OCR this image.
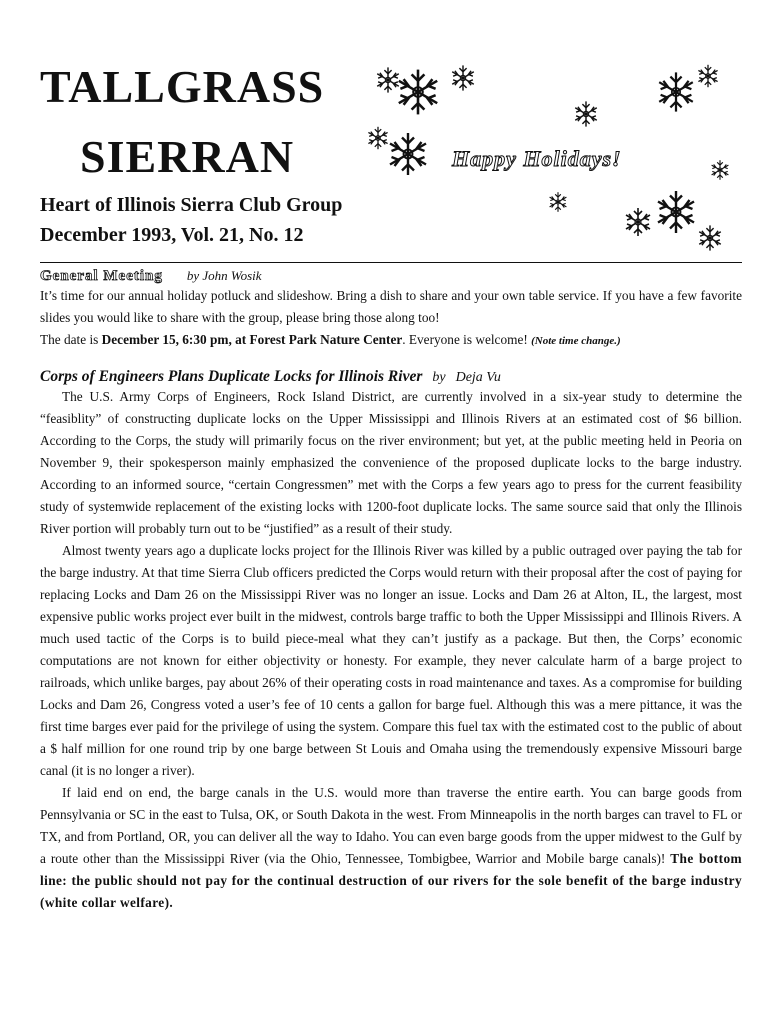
TALLGRASS
SIERRAN
Heart of Illinois Sierra Club Group
December 1993, Vol. 21, No. 12
Happy Holidays!
General Meeting by John Wosik

It’s time for our annual holiday potluck and slideshow. Bring a dish to share and your own table service. If you have a few favorite slides you would like to share with the group, please bring those along too!

The date is December 15, 6:30 pm, at Forest Park Nature Center. Everyone is welcome! (Note time change.)

Corps of Engineers Plans Duplicate Locks for Illinois River by Deja Vu

The U.S. Army Corps of Engineers, Rock Island District, are currently involved in a six-year study to determine the “feasiblity” of constructing duplicate locks on the Upper Mississippi and Illinois Rivers at an estimated cost of $6 billion. According to the Corps, the study will primarily focus on the river environment; but yet, at the public meeting held in Peoria on November 9, their spokesperson mainly emphasized the convenience of the proposed duplicate locks to the barge industry. According to an informed source, “certain Congressmen” met with the Corps a few years ago to press for the current feasibility study of systemwide replacement of the existing locks with 1200-foot duplicate locks. The same source said that only the Illinois River portion will probably turn out to be “justified” as a result of their study.

Almost twenty years ago a duplicate locks project for the Illinois River was killed by a public outraged over paying the tab for the barge industry. At that time Sierra Club officers predicted the Corps would return with their proposal after the cost of paying for replacing Locks and Dam 26 on the Mississippi River was no longer an issue. Locks and Dam 26 at Alton, IL, the largest, most expensive public works project ever built in the midwest, controls barge traffic to both the Upper Mississippi and Illinois Rivers. A much used tactic of the Corps is to build piece-meal what they can’t justify as a package. But then, the Corps’ economic computations are not known for either objectivity or honesty. For example, they never calculate harm of a barge project to railroads, which unlike barges, pay about 26% of their operating costs in road maintenance and taxes. As a compromise for building Locks and Dam 26, Congress voted a user’s fee of 10 cents a gallon for barge fuel. Although this was a mere pittance, it was the first time barges ever paid for the privilege of using the system. Compare this fuel tax with the estimated cost to the public of about a $ half million for one round trip by one barge between St Louis and Omaha using the tremendously expensive Missouri barge canal (it is no longer a river).

If laid end on end, the barge canals in the U.S. would more than traverse the entire earth. You can barge goods from Pennsylvania or SC in the east to Tulsa, OK, or South Dakota in the west. From Minneapolis in the north barges can travel to FL or TX, and from Portland, OR, you can deliver all the way to Idaho. You can even barge goods from the upper midwest to the Gulf by a route other than the Mississippi River (via the Ohio, Tennessee, Tombigbee, Warrior and Mobile barge canals)! The bottom line: the public should not pay for the continual destruction of our rivers for the sole benefit of the barge industry (white collar welfare).
